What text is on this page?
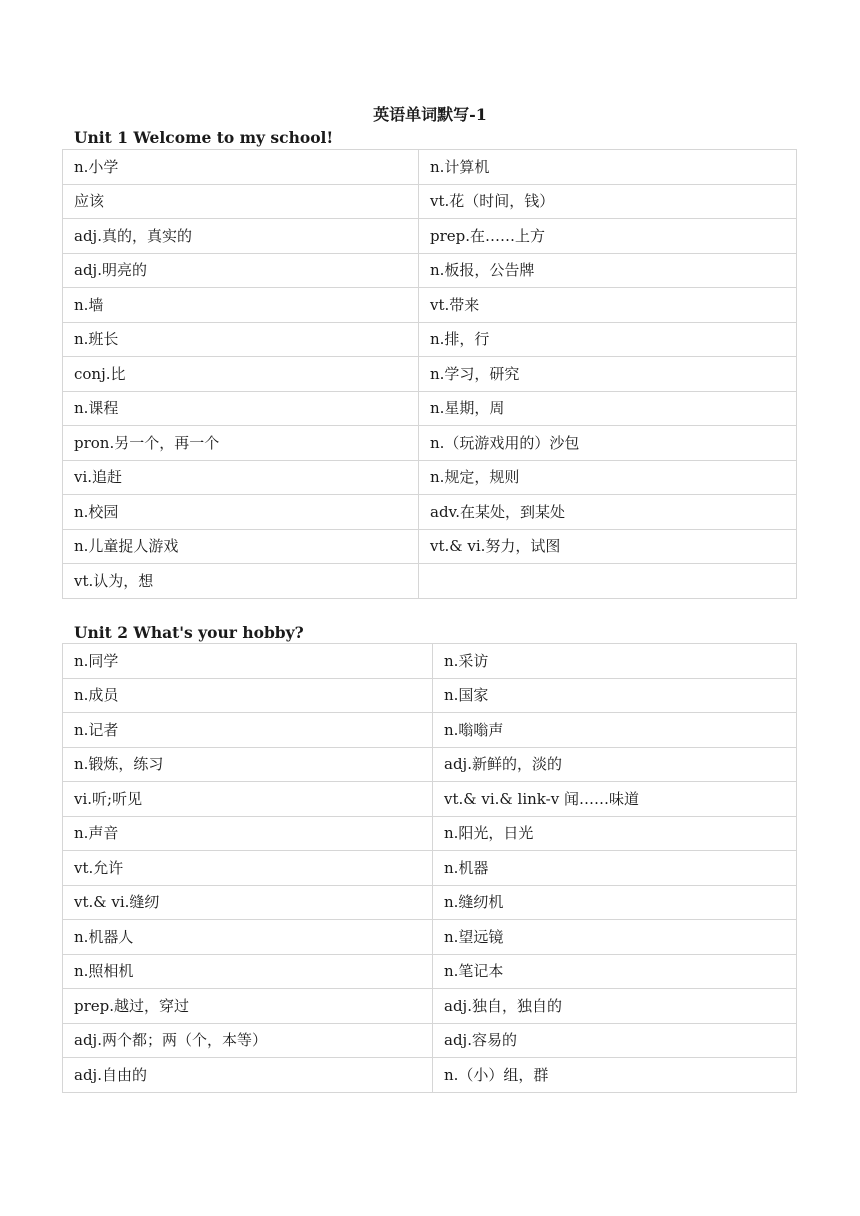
英语单词默写-1
Unit 1 Welcome to my school!
n.小学	n.计算机
应该	vt.花（时间，钱）
adj.真的，真实的	prep.在……上方
adj.明亮的	n.板报，公告牌
n.墙	vt.带来
n.班长	n.排，行
conj.比	n.学习，研究
n.课程	n.星期，周
pron.另一个，再一个	n.（玩游戏用的）沙包
vi.追赶	n.规定，规则
n.校园	adv.在某处，到某处
n.儿童捉人游戏	vt.& vi.努力，试图
vt.认为，想	
Unit 2 What's your hobby?
n.同学	n.采访
n.成员	n.国家
n.记者	n.嗡嗡声
n.锻炼，练习	adj.新鲜的，淡的
vi.听;听见	vt.& vi.& link-v 闻……味道
n.声音	n.阳光，日光
vt.允许	n.机器
vt.& vi.缝纫	n.缝纫机
n.机器人	n.望远镜
n.照相机	n.笔记本
prep.越过，穿过	adj.独自，独自的
adj.两个都；两（个，本等）	adj.容易的
adj.自由的	n.（小）组，群
